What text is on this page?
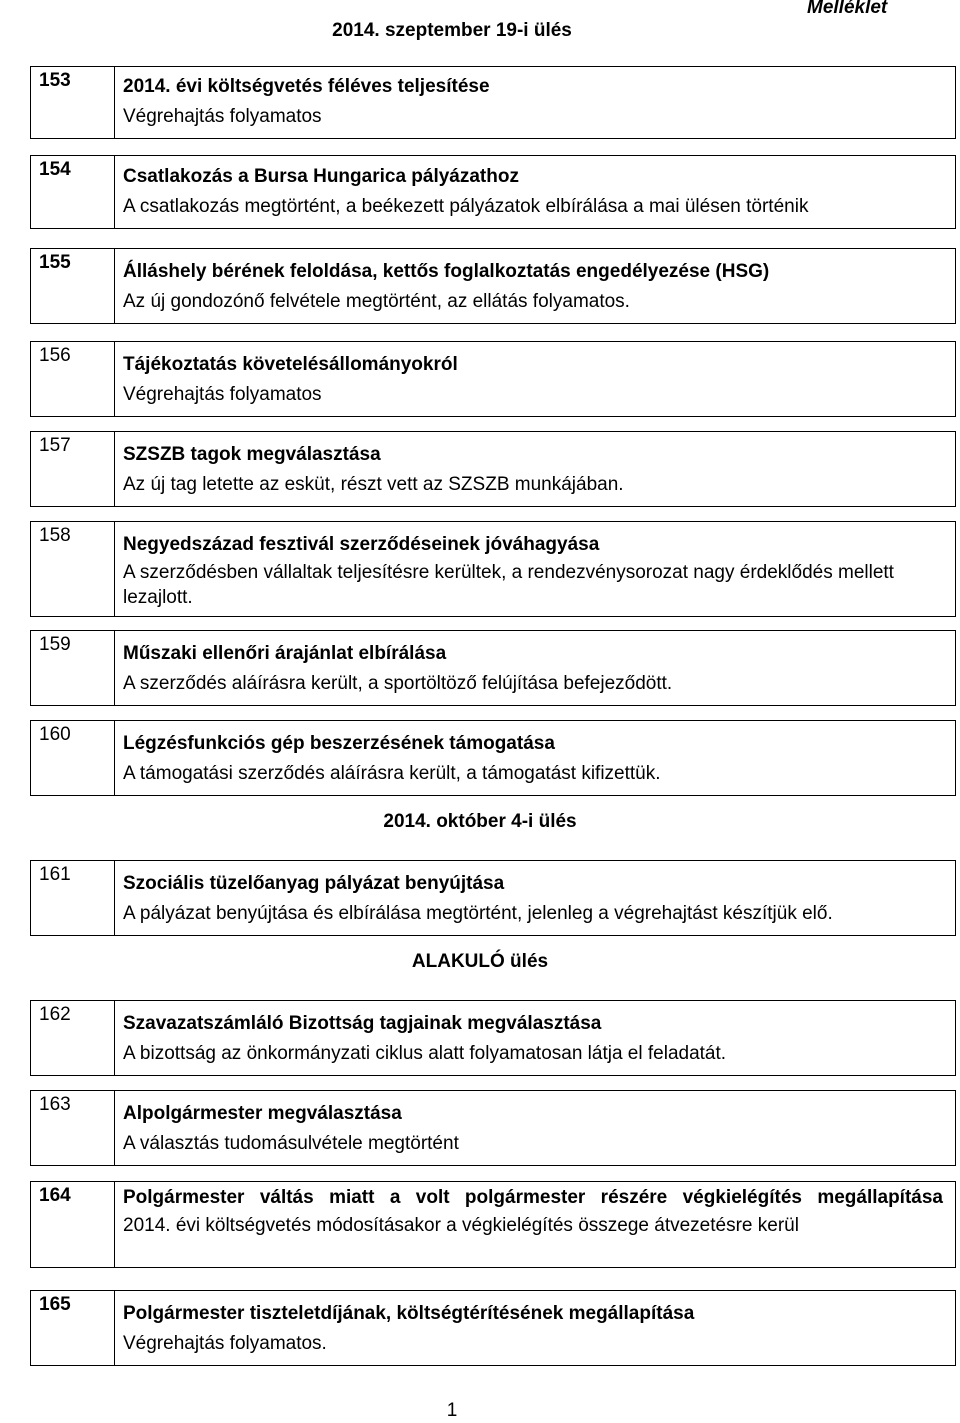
2014. szeptember 19-i ülés
Melléklet
153	2014. évi költségvetés féléves teljesítése
Végrehajtás folyamatos
154	Csatlakozás a Bursa Hungarica pályázathoz
A csatlakozás megtörtént, a beékezett pályázatok elbírálása a mai ülésen történik
155	Álláshely bérének feloldása, kettős foglalkoztatás engedélyezése (HSG)
Az új gondozónő felvétele megtörtént, az ellátás folyamatos.
156	Tájékoztatás követelésállományokról
Végrehajtás folyamatos
157	SZSZB tagok megválasztása
Az új tag letette az esküt, részt vett az SZSZB munkájában.
158	Negyedszázad fesztivál szerződéseinek jóváhagyása
A szerződésben vállaltak teljesítésre kerültek, a rendezvénysorozat nagy érdeklődés mellett lezajlott.
159	Műszaki ellenőri árajánlat elbírálása
A szerződés aláírásra került, a sportöltöző felújítása befejeződött.
160	Légzésfunkciós gép beszerzésének támogatása
A támogatási szerződés aláírásra került, a támogatást kifizettük.
2014. október 4-i ülés
161	Szociális tüzelőanyag pályázat benyújtása
A pályázat benyújtása és elbírálása megtörtént, jelenleg a végrehajtást készítjük elő.
ALAKULÓ ülés
162	Szavazatszámláló Bizottság tagjainak megválasztása
A bizottság az önkormányzati ciklus alatt folyamatosan látja el feladatát.
163	Alpolgármester megválasztása
A választás tudomásulvétele megtörtént
164	Polgármester váltás miatt a volt polgármester részére végkielégítés megállapítása
2014. évi költségvetés módosításakor a végkielégítés összege átvezetésre kerül
165	Polgármester tiszteletdíjának, költségtérítésének megállapítása
Végrehajtás folyamatos.
1
